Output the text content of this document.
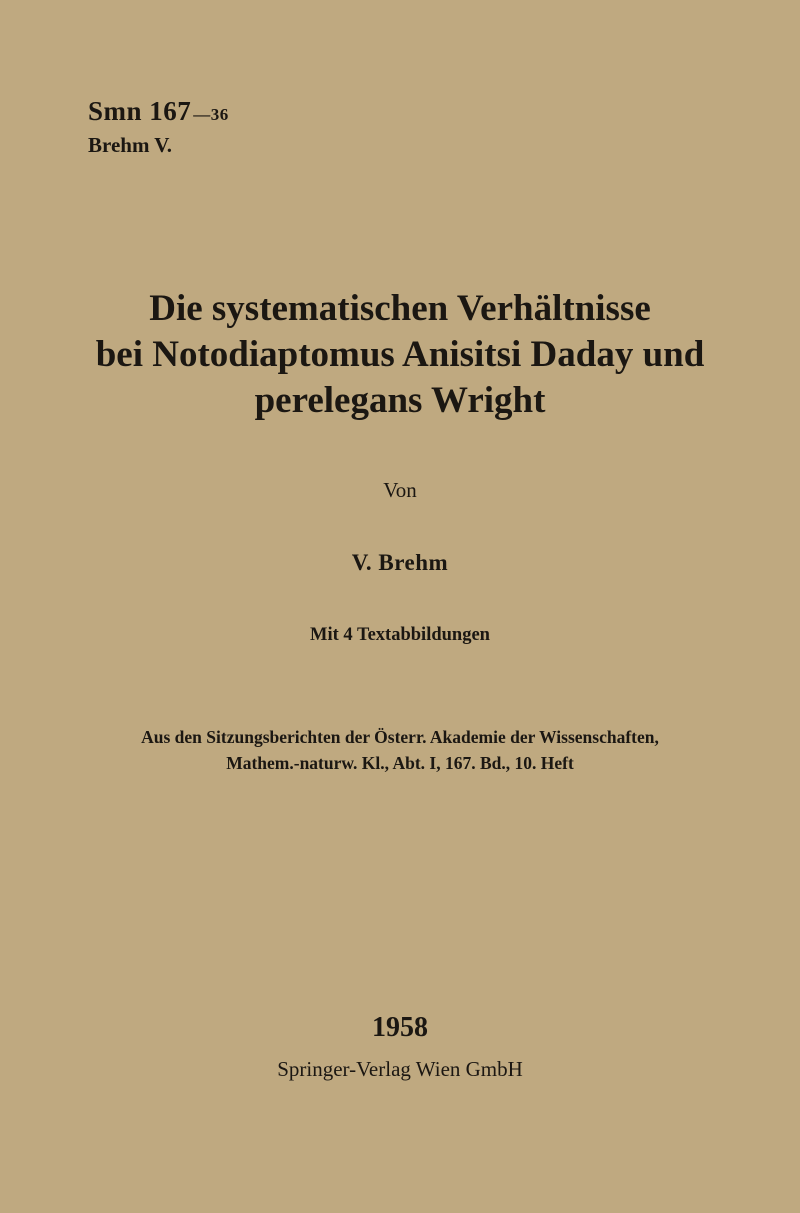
Smn 167 —36
Brehm V.
Die systematischen Verhältnisse
bei Notodiaptomus Anisitsi Daday und
perelegans Wright
Von
V. Brehm
Mit 4 Textabbildungen
Aus den Sitzungsberichten der Österr. Akademie der Wissenschaften,
Mathem.-naturw. Kl., Abt. I, 167. Bd., 10. Heft
1958
Springer-Verlag Wien GmbH
